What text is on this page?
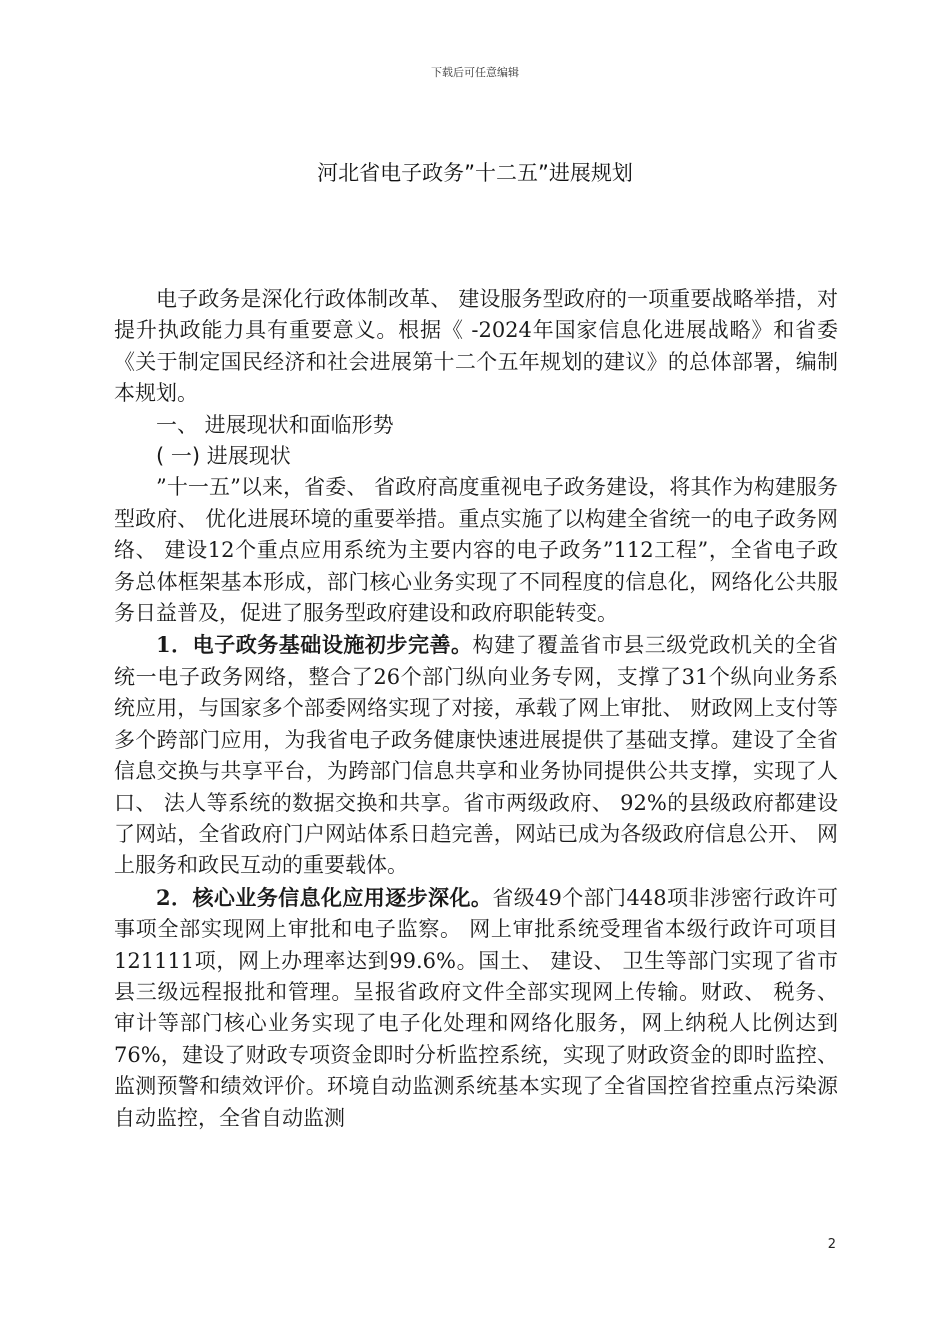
下载后可任意编辑
河北省电子政务”十二五”进展规划

电子政务是深化行政体制改革、 建设服务型政府的一项重要战略举措，对提升执政能力具有重要意义。根据《 -2024年国家信息化进展战略》和省委《关于制定国民经济和社会进展第十二个五年规划的建议》的总体部署，编制本规划。

一、 进展现状和面临形势

( 一) 进展现状

”十一五”以来，省委、 省政府高度重视电子政务建设，将其作为构建服务型政府、 优化进展环境的重要举措。重点实施了以构建全省统一的电子政务网络、 建设12个重点应用系统为主要内容的电子政务”112工程”，全省电子政务总体框架基本形成，部门核心业务实现了不同程度的信息化，网络化公共服务日益普及，促进了服务型政府建设和政府职能转变。

1．电子政务基础设施初步完善。构建了覆盖省市县三级党政机关的全省统一电子政务网络，整合了26个部门纵向业务专网，支撑了31个纵向业务系统应用，与国家多个部委网络实现了对接，承载了网上审批、 财政网上支付等多个跨部门应用，为我省电子政务健康快速进展提供了基础支撑。建设了全省信息交换与共享平台，为跨部门信息共享和业务协同提供公共支撑，实现了人口、 法人等系统的数据交换和共享。省市两级政府、 92%的县级政府都建设了网站，全省政府门户网站体系日趋完善，网站已成为各级政府信息公开、 网上服务和政民互动的重要载体。

2．核心业务信息化应用逐步深化。省级49个部门448项非涉密行政许可事项全部实现网上审批和电子监察。 网上审批系统受理省本级行政许可项目121111项，网上办理率达到99.6%。国土、 建设、 卫生等部门实现了省市县三级远程报批和管理。呈报省政府文件全部实现网上传输。财政、 税务、 审计等部门核心业务实现了电子化处理和网络化服务，网上纳税人比例达到76%，建设了财政专项资金即时分析监控系统，实现了财政资金的即时监控、 监测预警和绩效评价。环境自动监测系统基本实现了全省国控省控重点污染源自动监控，全省自动监测

2
